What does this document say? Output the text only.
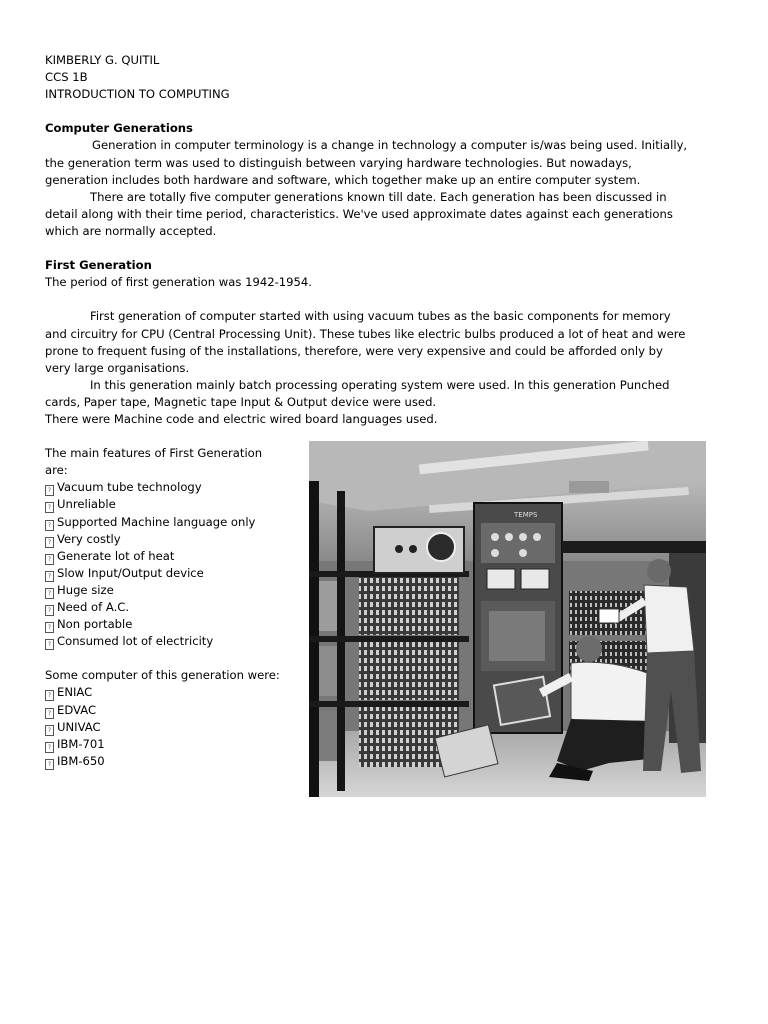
KIMBERLY G. QUITIL
CCS 1B
INTRODUCTION TO COMPUTING
Computer Generations
Generation in computer terminology is a change in technology a computer is/was being used. Initially,
the generation term was used to distinguish between varying hardware technologies. But nowadays,
generation includes both hardware and software, which together make up an entire computer system.
There are totally five computer generations known till date. Each generation has been discussed in
detail along with their time period, characteristics. We've used approximate dates against each generations
which are normally accepted.
First Generation
The period of first generation was 1942-1954.
First generation of computer started with using vacuum tubes as the basic components for memory
and circuitry for CPU (Central Processing Unit). These tubes like electric bulbs produced a lot of heat and were
prone to frequent fusing of the installations, therefore, were very expensive and could be afforded only by
very large organisations.
In this generation mainly batch processing operating system were used. In this generation Punched
cards, Paper tape, Magnetic tape Input & Output device were used.
There were Machine code and electric wired board languages used.
The main features of First Generation
are:
? Vacuum tube technology
? Unreliable
? Supported Machine language only
? Very costly
? Generate lot of heat
? Slow Input/Output device
? Huge size
? Need of A.C.
? Non portable
? Consumed lot of electricity
Some computer of this generation were:
? ENIAC
? EDVAC
? UNIVAC
? IBM-701
? IBM-650
TEMPS
